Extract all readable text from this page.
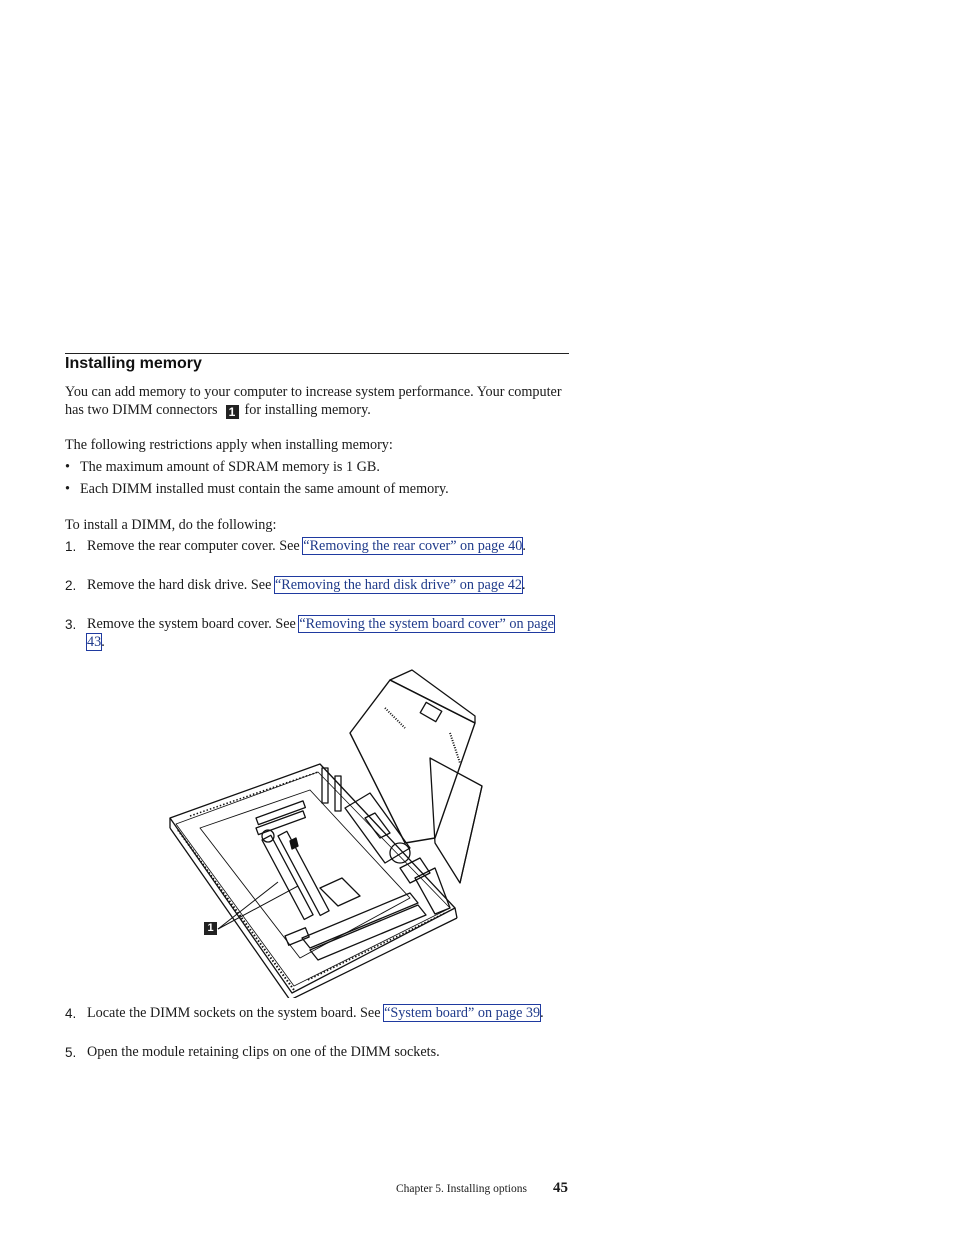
Installing memory
You can add memory to your computer to increase system performance. Your computer has two DIMM connectors 1 for installing memory.
The following restrictions apply when installing memory:
• The maximum amount of SDRAM memory is 1 GB.
• Each DIMM installed must contain the same amount of memory.
To install a DIMM, do the following:
1. Remove the rear computer cover. See “Removing the rear cover” on page 40.
2. Remove the hard disk drive. See “Removing the hard disk drive” on page 42.
3. Remove the system board cover. See “Removing the system board cover” on page 43.
1
4. Locate the DIMM sockets on the system board. See “System board” on page 39.
5. Open the module retaining clips on one of the DIMM sockets.
Chapter 5. Installing options 45
